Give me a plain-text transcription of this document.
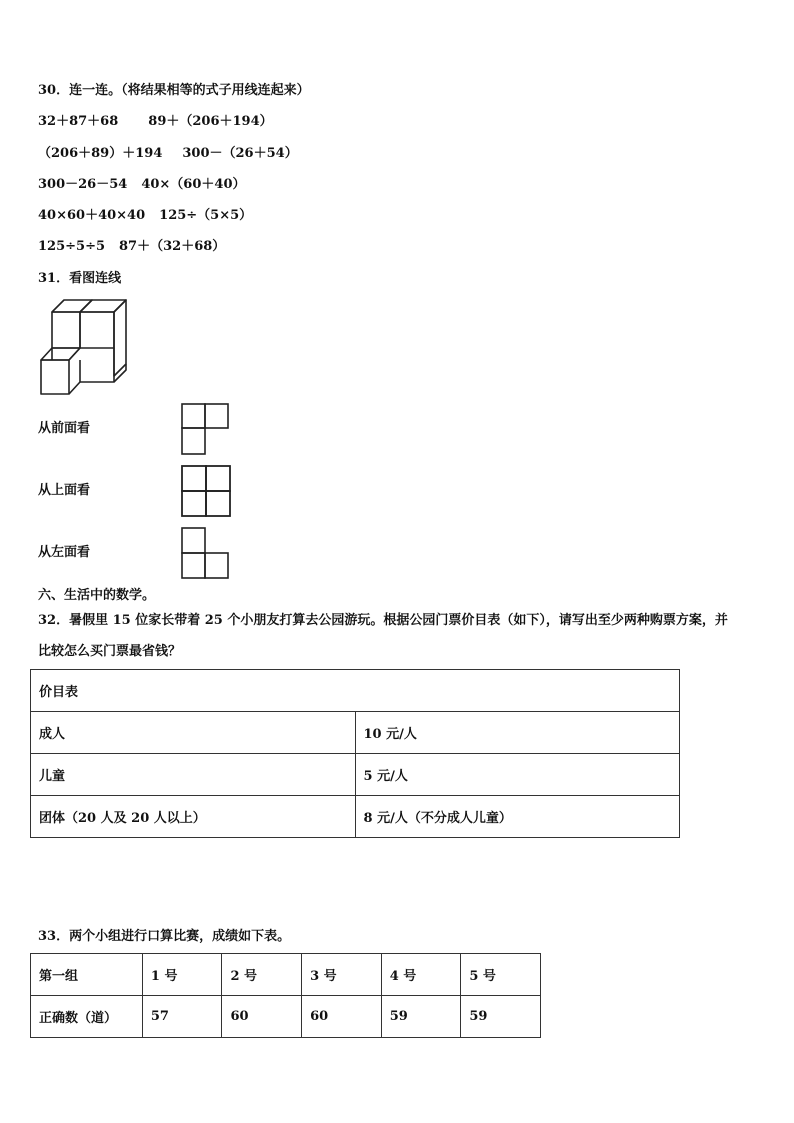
30．连一连。（将结果相等的式子用线连起来）
32＋87＋68 89＋（206＋194）
（206＋89）＋194 300－（26＋54）
300－26－54 40×（60＋40）
40×60＋40×40 125÷（5×5）
125÷5÷5 87＋（32＋68）
31．看图连线
从前面看
从上面看
从左面看
六、生活中的数学。
32．暑假里 15 位家长带着 25 个小朋友打算去公园游玩。根据公园门票价目表（如下），请写出至少两种购票方案，并
比较怎么买门票最省钱？
价目表	
成人	10 元/人
儿童	5 元/人
团体（20 人及 20 人以上）	8 元/人（不分成人儿童）
33．两个小组进行口算比赛，成绩如下表。
第一组	1 号	2 号	3 号	4 号	5 号
正确数（道）	57	60	60	59	59
